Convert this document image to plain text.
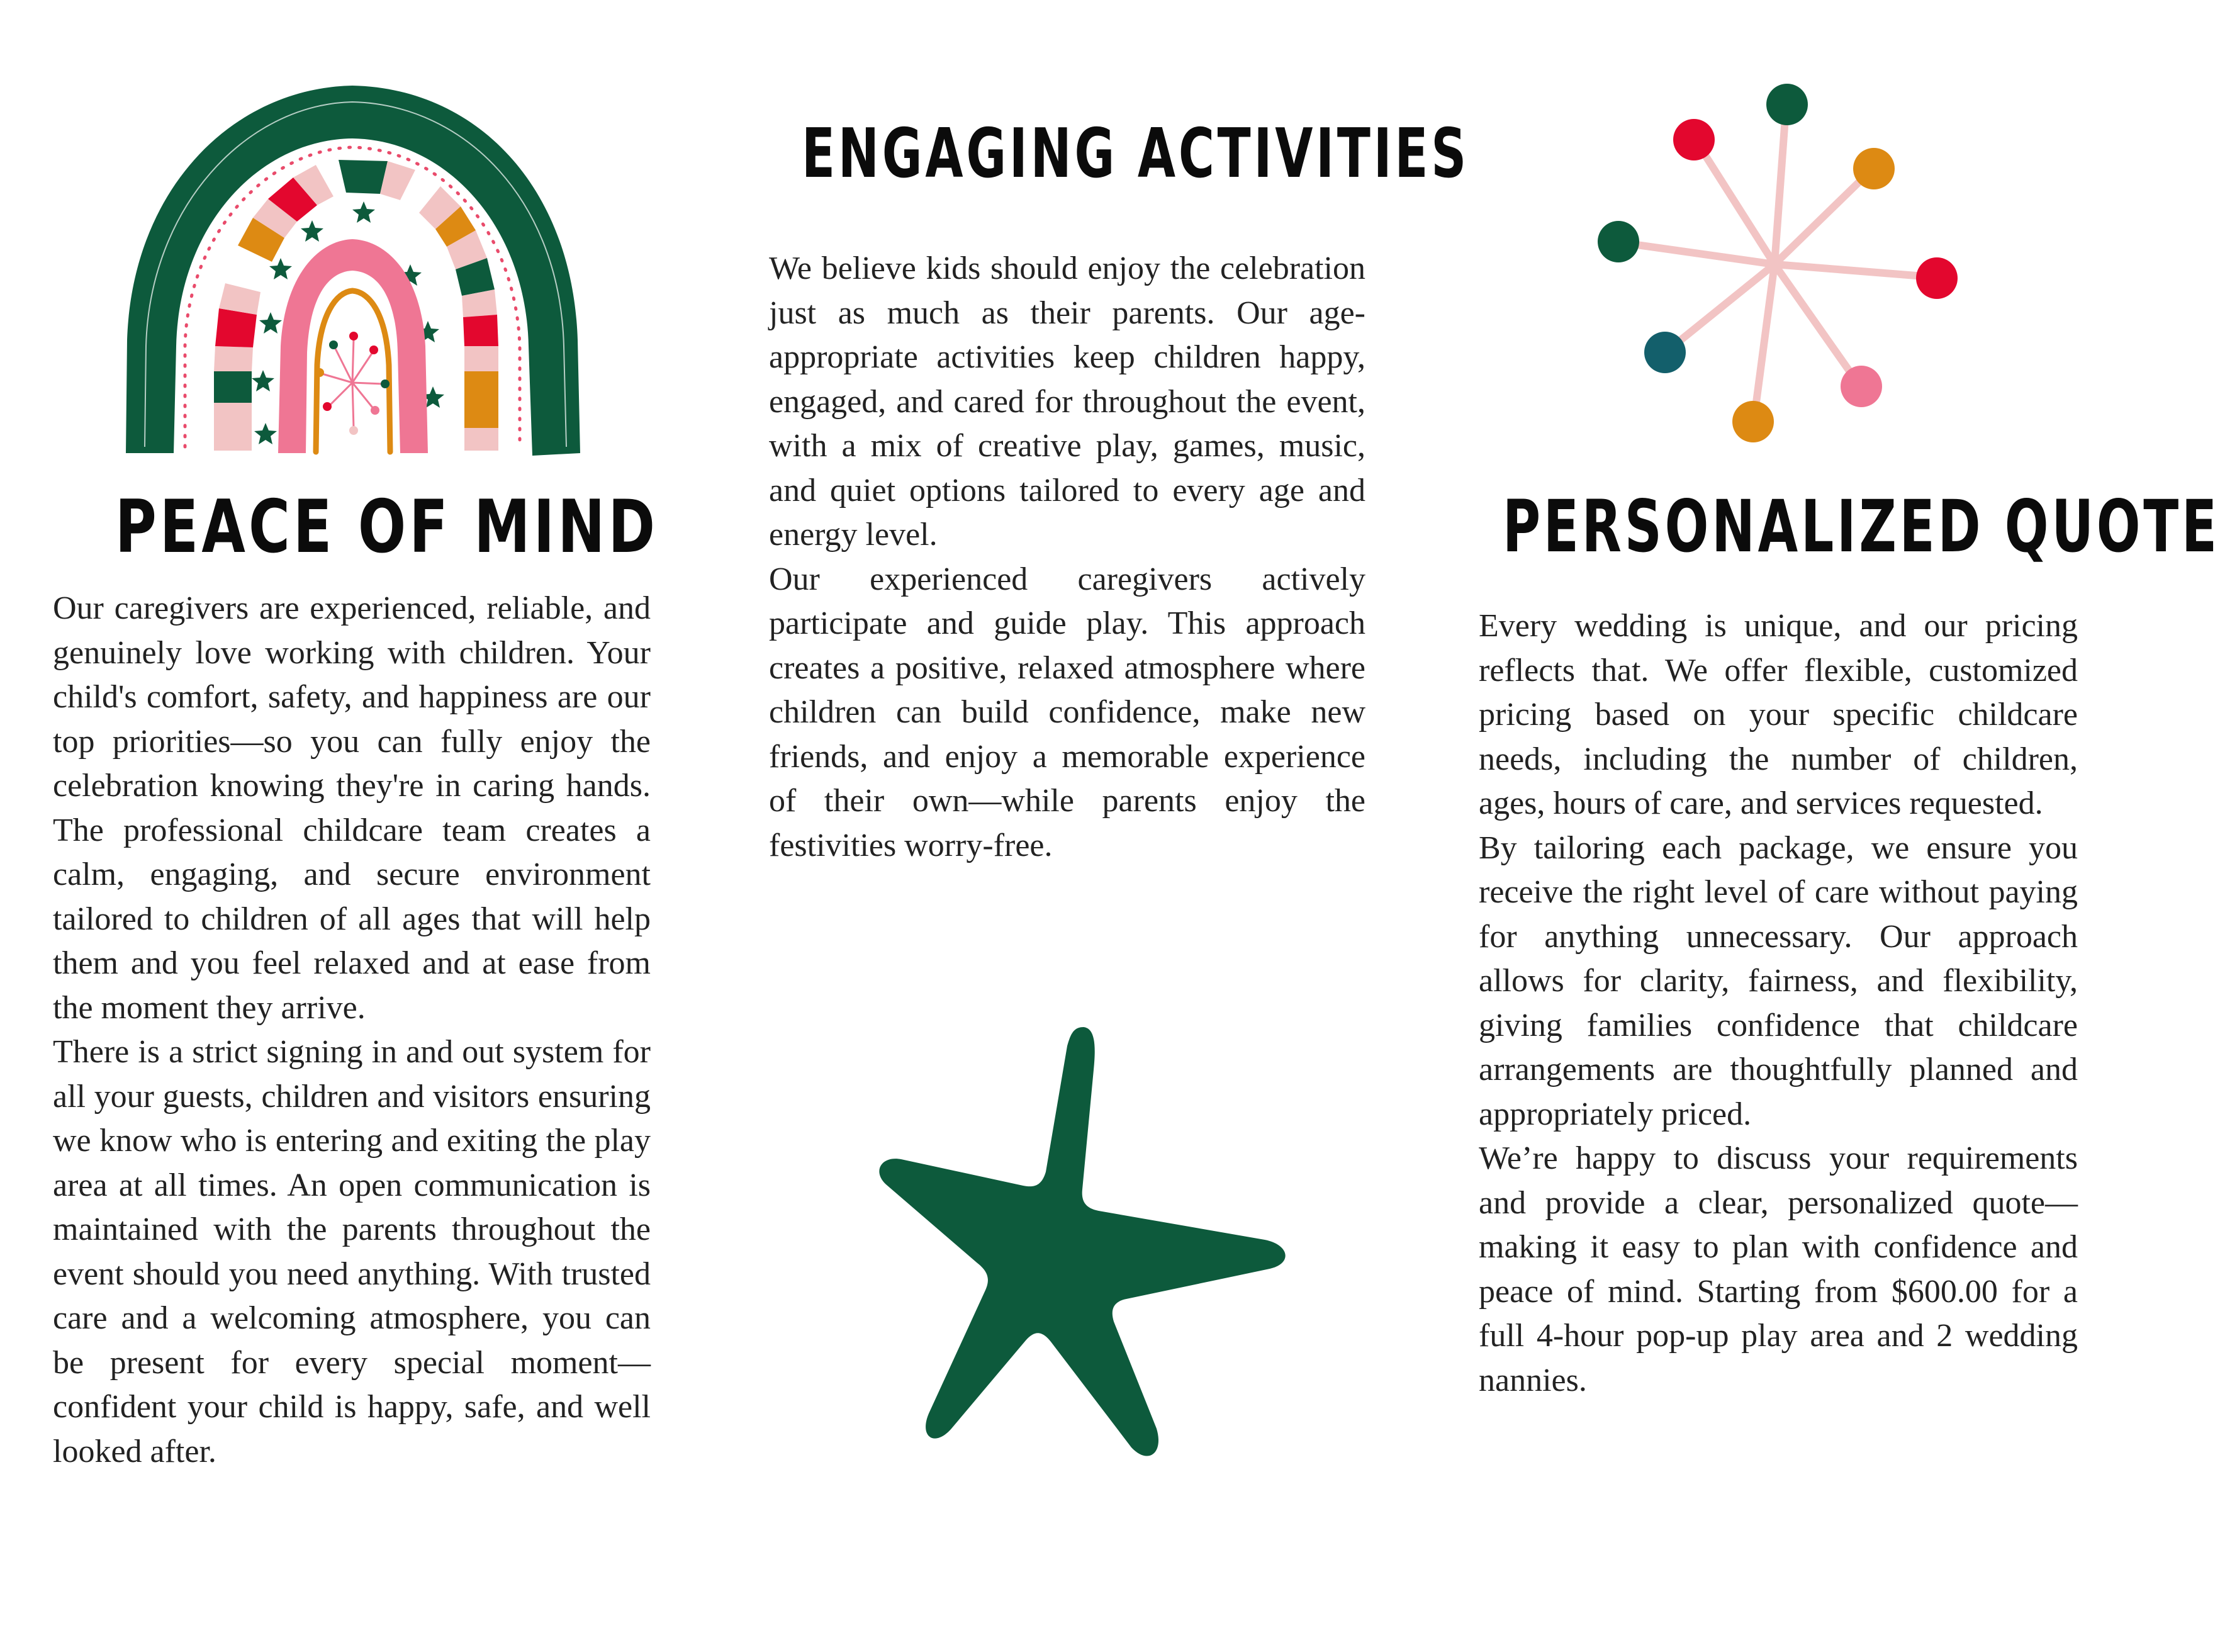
PEACE OF MIND

Our caregivers are experienced, reliable, and genuinely love working with children. Your child's comfort, safety, and happiness are our top priorities—so you can fully enjoy the celebration knowing they're in caring hands. The professional childcare team creates a calm, engaging, and secure environment tailored to children of all ages that will help them and you feel relaxed and at ease from the moment they arrive.

There is a strict signing in and out system for all your guests, children and visitors ensuring we know who is entering and exiting the play area at all times. An open communication is maintained with the parents throughout the event should you need anything. With trusted care and a welcoming atmosphere, you can be present for every special moment—confident your child is happy, safe, and well looked after.

ENGAGING ACTIVITIES

We believe kids should enjoy the celebration just as much as their parents. Our age-appropriate activities keep children happy, engaged, and cared for throughout the event, with a mix of creative play, games, music, and quiet options tailored to every age and energy level.

Our experienced caregivers actively participate and guide play. This approach creates a positive, relaxed atmosphere where children can build confidence, make new friends, and enjoy a memorable experience of their own—while parents enjoy the festivities worry-free.

PERSONALIZED QUOTE

Every wedding is unique, and our pricing reflects that. We offer flexible, customized pricing based on your specific childcare needs, including the number of children, ages, hours of care, and services requested.

By tailoring each package, we ensure you receive the right level of care without paying for anything unnecessary. Our approach allows for clarity, fairness, and flexibility, giving families confidence that childcare arrangements are thoughtfully planned and appropriately priced.

We’re happy to discuss your requirements and provide a clear, personalized quote—making it easy to plan with confidence and peace of mind. Starting from $600.00 for a full 4-hour pop-up play area and 2 wedding nannies.
